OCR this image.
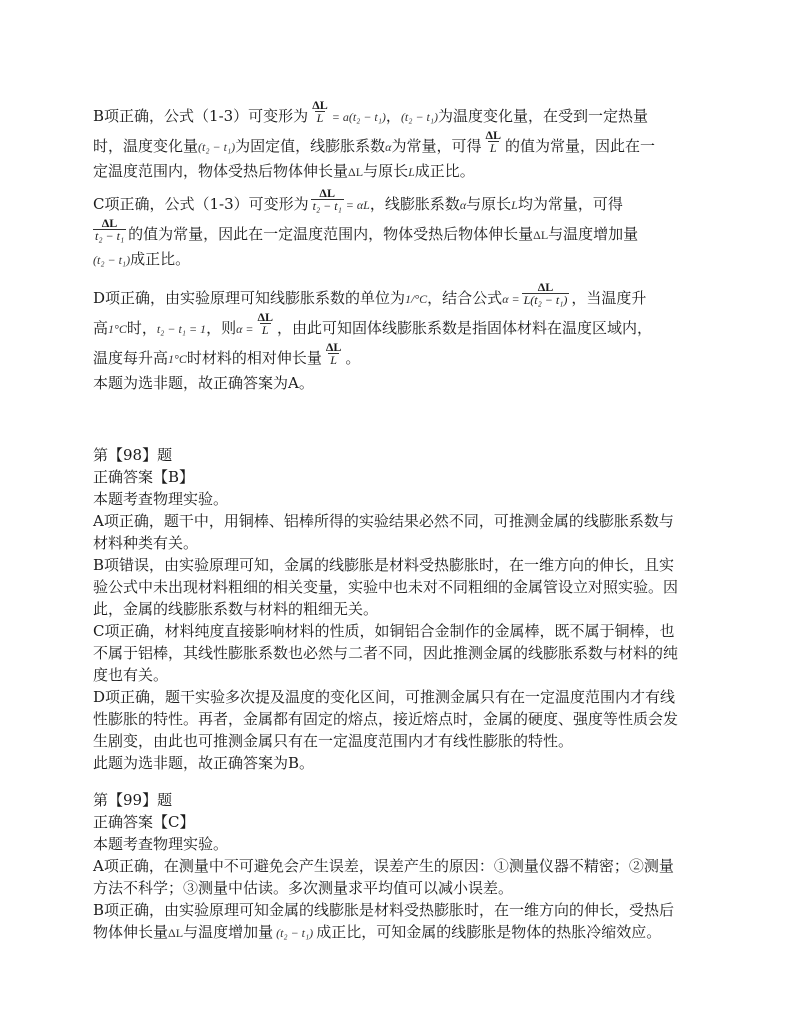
B项正确，公式（1-3）可变形为 $\frac{\Delta L}{L} = a(t_2 - t_1)$，(t₂ − t₁)为温度变化量，在受到一定热量
时，温度变化量(t₂ − t₁)为固定值，线膨胀系数α为常量，可得 $\frac{\Delta L}{L}$ 的值为常量，因此在一
定温度范围内，物体受热后物体伸长量ΔL与原长L成正比。
C项正确，公式（1-3）可变形为 $\frac{\Delta L}{\text{t₂ − t₁}} = \alpha L$，线膨胀系数α与原长L均为常量，可得
$\frac{\Delta L}{\text{t₂ − t₁}}$ 的值为常量，因此在一定温度范围内，物体受热后物体伸长量ΔL与温度增加量
(t₂ − t₁)成正比。
D项正确，由实验原理可知线膨胀系数的单位为1/°C，结合公式$\alpha = \frac{\Delta L}{\text{L(t₂ − t₁)}}$ ，当温度升
高1°C时，t₂ − t₁ = 1，则$\alpha = \frac{\Delta L}{L}$ ，由此可知固体线膨胀系数是指固体材料在温度区域内，
温度每升高1°C时材料的相对伸长量 $\frac{\Delta L}{L}$ 。
本题为选非题，故正确答案为A。
第【98】题
正确答案【B】
本题考查物理实验。
A项正确，题干中，用铜棒、铝棒所得的实验结果必然不同，可推测金属的线膨胀系数与
材料种类有关。
B项错误，由实验原理可知，金属的线膨胀是材料受热膨胀时，在一维方向的伸长，且实
验公式中未出现材料粗细的相关变量，实验中也未对不同粗细的金属管设立对照实验。因
此，金属的线膨胀系数与材料的粗细无关。
C项正确，材料纯度直接影响材料的性质，如铜铝合金制作的金属棒，既不属于铜棒，也
不属于铝棒，其线性膨胀系数也必然与二者不同，因此推测金属的线膨胀系数与材料的纯
度也有关。
D项正确，题干实验多次提及温度的变化区间，可推测金属只有在一定温度范围内才有线
性膨胀的特性。再者，金属都有固定的熔点，接近熔点时，金属的硬度、强度等性质会发
生剧变，由此也可推测金属只有在一定温度范围内才有线性膨胀的特性。
此题为选非题，故正确答案为B。
第【99】题
正确答案【C】
本题考查物理实验。
A项正确，在测量中不可避免会产生误差，误差产生的原因：①测量仪器不精密；②测量
方法不科学；③测量中估读。多次测量求平均值可以减小误差。
B项正确，由实验原理可知金属的线膨胀是材料受热膨胀时，在一维方向的伸长，受热后
物体伸长量ΔL与温度增加量 (t₂ − t₁) 成正比，可知金属的线膨胀是物体的热胀冷缩效应。
